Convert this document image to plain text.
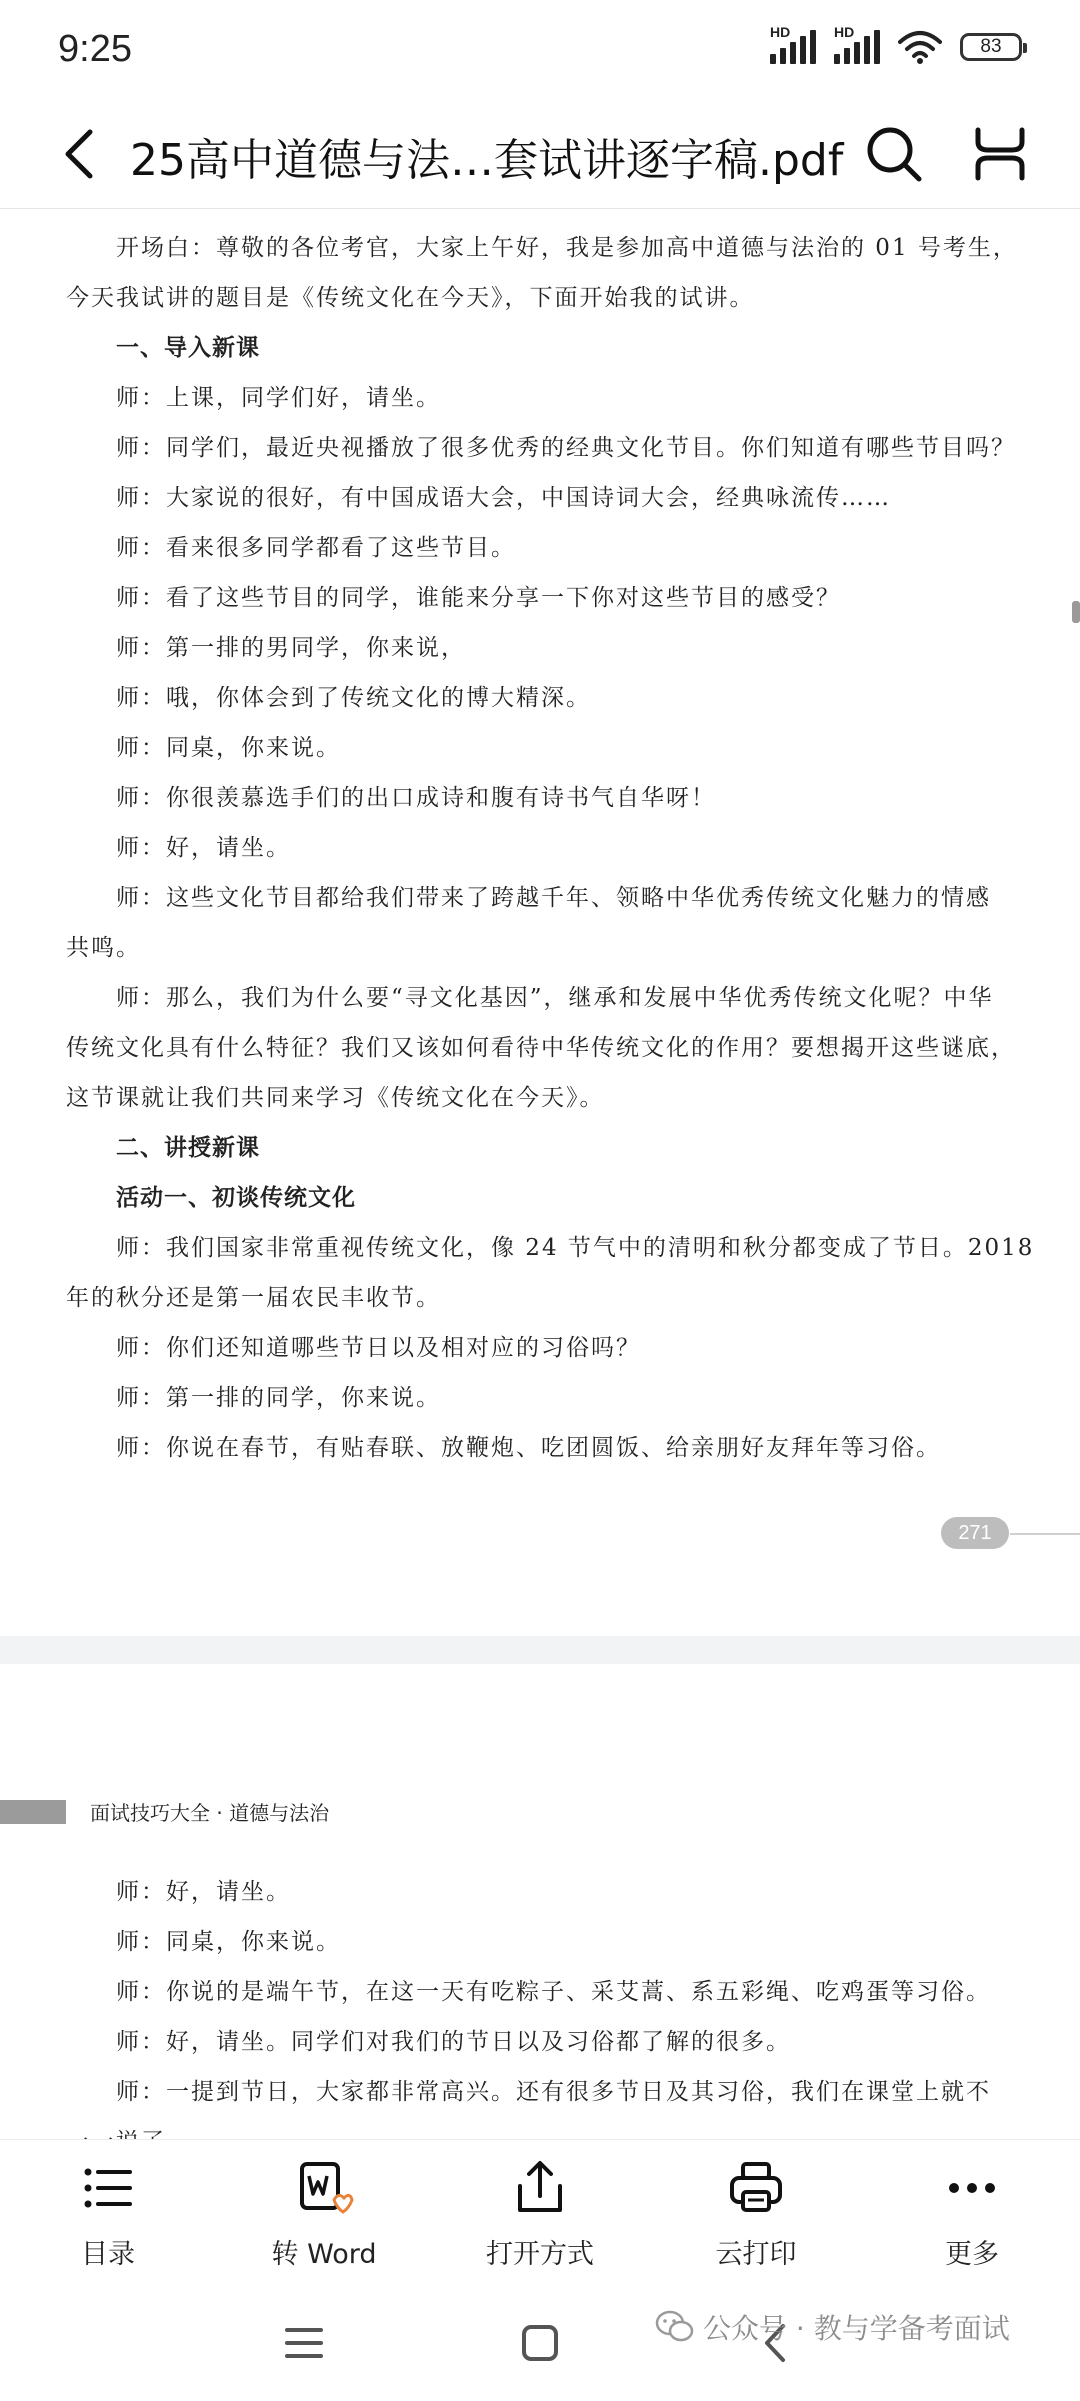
9:25	HD	HD
83
25高中道德与法…套试讲逐字稿.pdf
开场白：尊敬的各位考官，大家上午好，我是参加高中道德与法治的 01 号考生，
今天我试讲的题目是《传统文化在今天》，下面开始我的试讲。
一、导入新课
师：上课，同学们好，请坐。
师：同学们，最近央视播放了很多优秀的经典文化节目。你们知道有哪些节目吗？
师：大家说的很好，有中国成语大会，中国诗词大会，经典咏流传……
师：看来很多同学都看了这些节目。
师：看了这些节目的同学，谁能来分享一下你对这些节目的感受？
师：第一排的男同学，你来说，
师：哦，你体会到了传统文化的博大精深。
师：同桌，你来说。
师：你很羡慕选手们的出口成诗和腹有诗书气自华呀！
师：好，请坐。
师：这些文化节目都给我们带来了跨越千年、领略中华优秀传统文化魅力的情感
共鸣。
师：那么，我们为什么要“寻文化基因”，继承和发展中华优秀传统文化呢？中华
传统文化具有什么特征？我们又该如何看待中华传统文化的作用？要想揭开这些谜底，
这节课就让我们共同来学习《传统文化在今天》。
二、讲授新课
活动一、初谈传统文化
师：我们国家非常重视传统文化，像 24 节气中的清明和秋分都变成了节日。2018
年的秋分还是第一届农民丰收节。
师：你们还知道哪些节日以及相对应的习俗吗？
师：第一排的同学，你来说。
师：你说在春节，有贴春联、放鞭炮、吃团圆饭、给亲朋好友拜年等习俗。
271
面试技巧大全 · 道德与法治
师：好，请坐。
师：同桌，你来说。
师：你说的是端午节，在这一天有吃粽子、采艾蒿、系五彩绳、吃鸡蛋等习俗。
师：好，请坐。同学们对我们的节日以及习俗都了解的很多。
师：一提到节日，大家都非常高兴。还有很多节日及其习俗，我们在课堂上就不
目录	转 Word	打开方式	云打印	更多
公众号 · 教与学备考面试
